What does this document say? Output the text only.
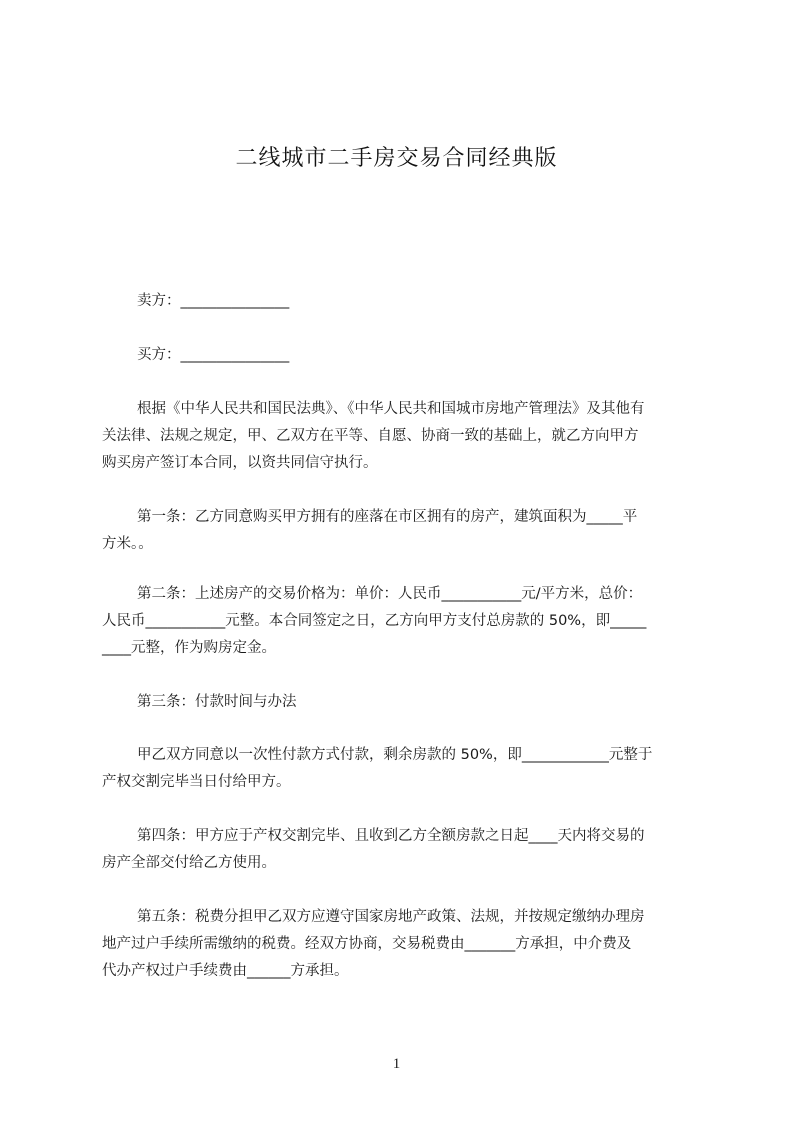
二线城市二手房交易合同经典版
卖方：_______________
买方：_______________
根据《中华人民共和国民法典》、《中华人民共和国城市房地产管理法》及其他有
关法律、法规之规定，甲、乙双方在平等、自愿、协商一致的基础上，就乙方向甲方
购买房产签订本合同，以资共同信守执行。
第一条：乙方同意购买甲方拥有的座落在市区拥有的房产，建筑面积为_____平
方米。。
第二条：上述房产的交易价格为：单价：人民币___________元/平方米，总价：
人民币___________元整。本合同签定之日，乙方向甲方支付总房款的 50%，即_____
____元整，作为购房定金。
第三条：付款时间与办法
甲乙双方同意以一次性付款方式付款，剩余房款的 50%，即____________元整于
产权交割完毕当日付给甲方。
第四条：甲方应于产权交割完毕、且收到乙方全额房款之日起____天内将交易的
房产全部交付给乙方使用。
第五条：税费分担甲乙双方应遵守国家房地产政策、法规，并按规定缴纳办理房
地产过户手续所需缴纳的税费。经双方协商，交易税费由_______方承担，中介费及
代办产权过户手续费由______方承担。
1
